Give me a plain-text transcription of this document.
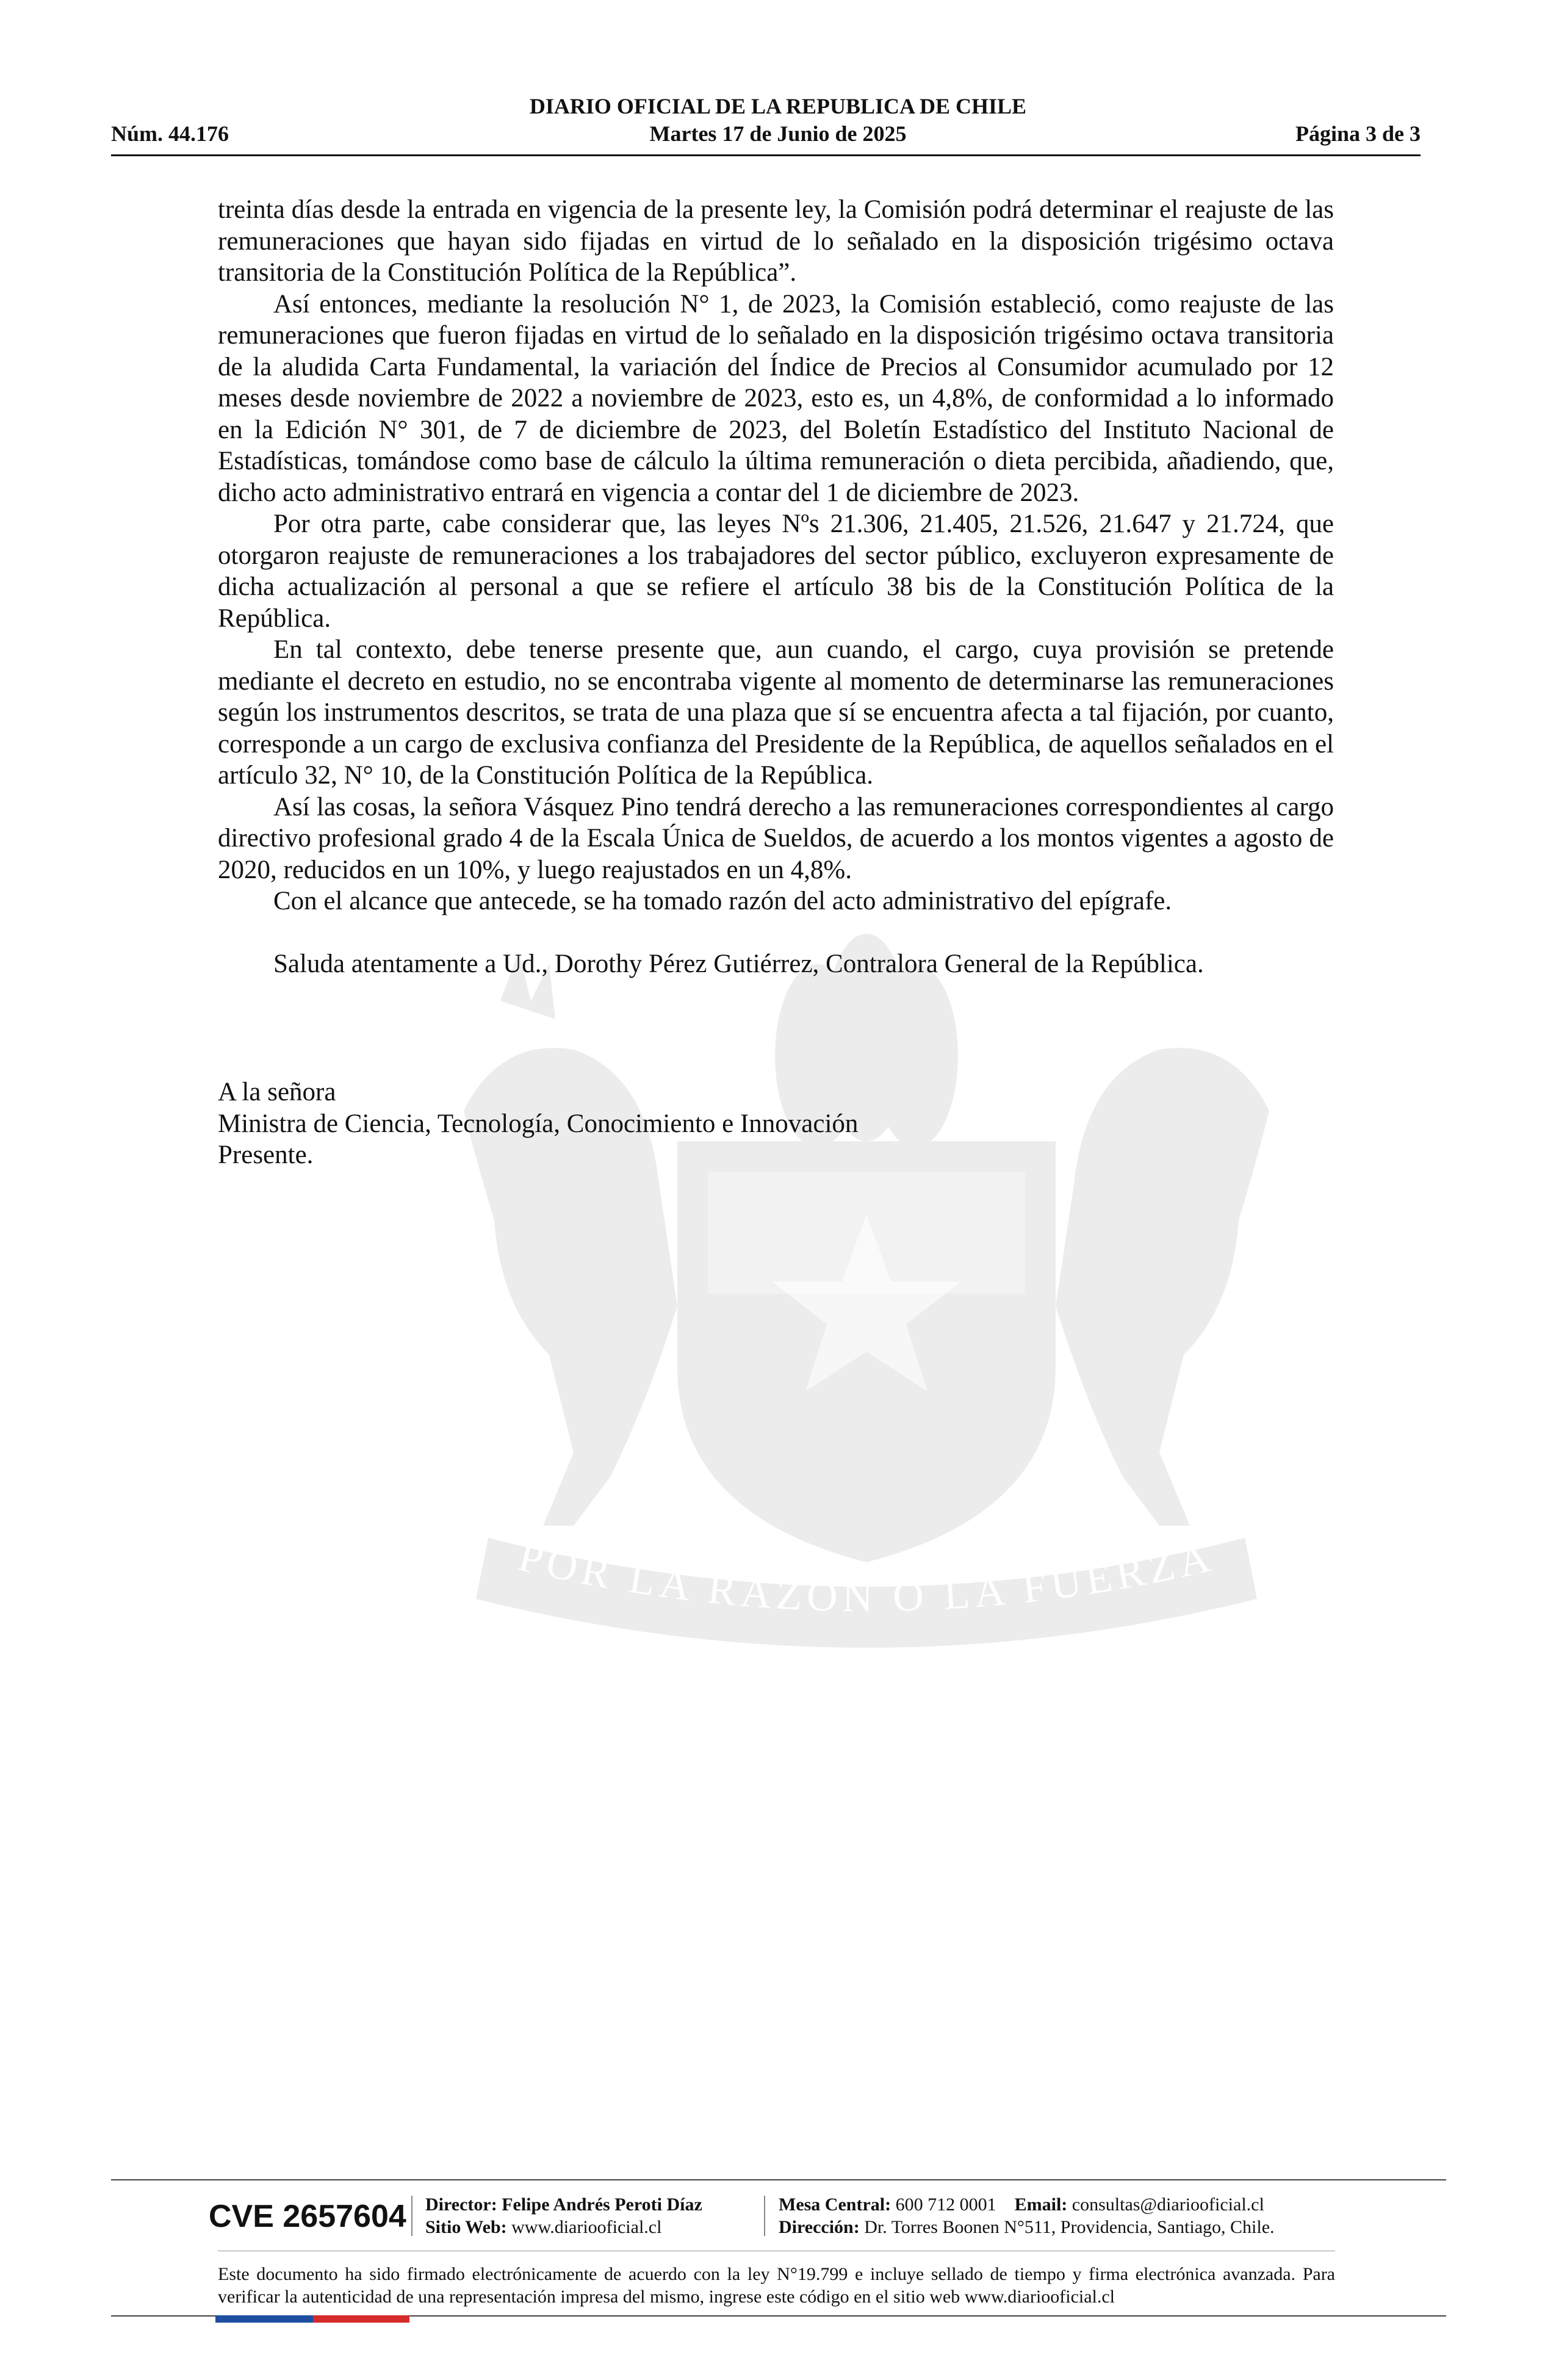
DIARIO OFICIAL DE LA REPUBLICA DE CHILE
Núm. 44.176	Martes 17 de Junio de 2025	Página 3 de 3
POR LA RAZON O LA FUERZA

treinta días desde la entrada en vigencia de la presente ley, la Comisión podrá determinar el reajuste de las remuneraciones que hayan sido fijadas en virtud de lo señalado en la disposición trigésimo octava transitoria de la Constitución Política de la República”.

Así entonces, mediante la resolución N° 1, de 2023, la Comisión estableció, como reajuste de las remuneraciones que fueron fijadas en virtud de lo señalado en la disposición trigésimo octava transitoria de la aludida Carta Fundamental, la variación del Índice de Precios al Consumidor acumulado por 12 meses desde noviembre de 2022 a noviembre de 2023, esto es, un 4,8%, de conformidad a lo informado en la Edición N° 301, de 7 de diciembre de 2023, del Boletín Estadístico del Instituto Nacional de Estadísticas, tomándose como base de cálculo la última remuneración o dieta percibida, añadiendo, que, dicho acto administrativo entrará en vigencia a contar del 1 de diciembre de 2023.

Por otra parte, cabe considerar que, las leyes Nºs 21.306, 21.405, 21.526, 21.647 y 21.724, que otorgaron reajuste de remuneraciones a los trabajadores del sector público, excluyeron expresamente de dicha actualización al personal a que se refiere el artículo 38 bis de la Constitución Política de la República.

En tal contexto, debe tenerse presente que, aun cuando, el cargo, cuya provisión se pretende mediante el decreto en estudio, no se encontraba vigente al momento de determinarse las remuneraciones según los instrumentos descritos, se trata de una plaza que sí se encuentra afecta a tal fijación, por cuanto, corresponde a un cargo de exclusiva confianza del Presidente de la República, de aquellos señalados en el artículo 32, N° 10, de la Constitución Política de la República.

Así las cosas, la señora Vásquez Pino tendrá derecho a las remuneraciones correspondientes al cargo directivo profesional grado 4 de la Escala Única de Sueldos, de acuerdo a los montos vigentes a agosto de 2020, reducidos en un 10%, y luego reajustados en un 4,8%.

Con el alcance que antecede, se ha tomado razón del acto administrativo del epígrafe.

Saluda atentamente a Ud., Dorothy Pérez Gutiérrez, Contralora General de la República.

A la señora
Ministra de Ciencia, Tecnología, Conocimiento e Innovación
Presente.
CVE 2657604 Director: Felipe Andrés Peroti Díaz
Sitio Web: www.diariooficial.cl
Mesa Central: 600 712 0001 Email: consultas@diariooficial.cl
Dirección: Dr. Torres Boonen N°511, Providencia, Santiago, Chile.
Este documento ha sido firmado electrónicamente de acuerdo con la ley N°19.799 e incluye sellado de tiempo y firma electrónica avanzada. Para verificar la autenticidad de una representación impresa del mismo, ingrese este código en el sitio web www.diariooficial.cl
